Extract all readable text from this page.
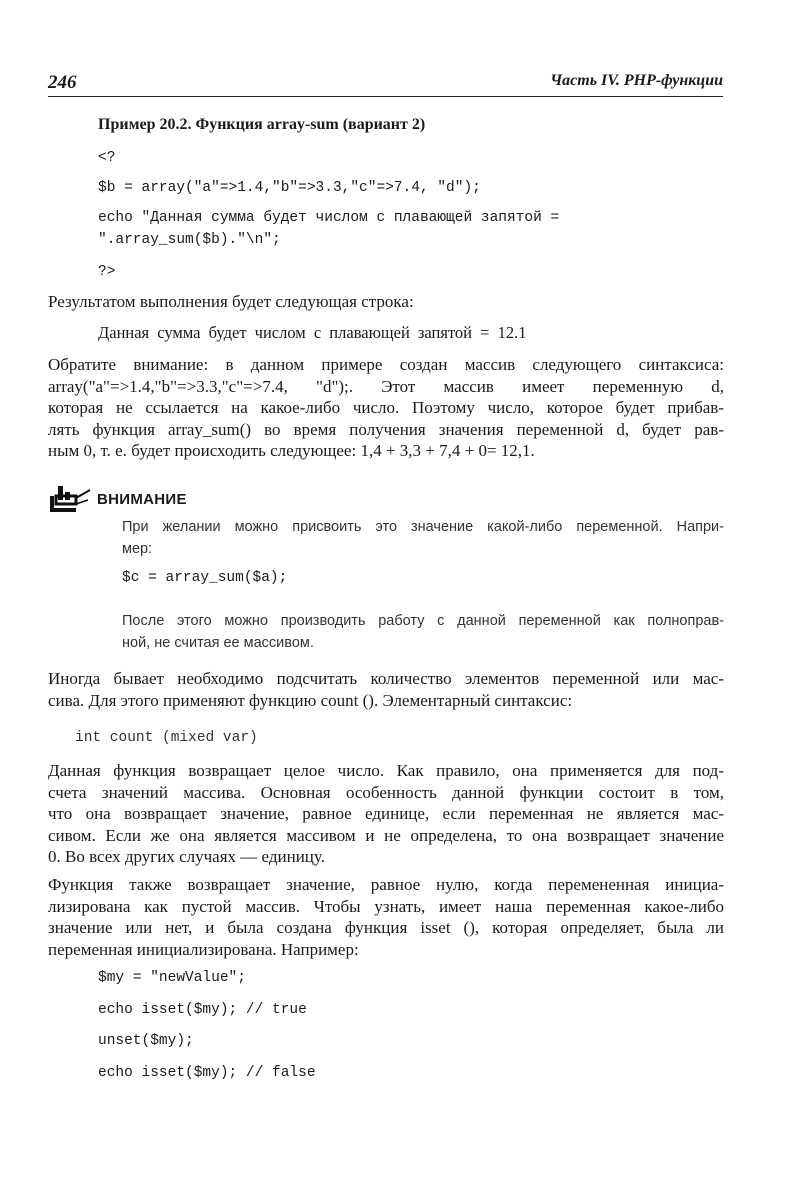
246	Часть IV. PHP-функции
Пример 20.2. Функция array-sum (вариант 2)
<?
$b = array("a"=>1.4,"b"=>3.3,"c"=>7.4, "d");
echo "Данная сумма будет числом с плавающей запятой =
".array_sum($b)."\n";
?>
Результатом выполнения будет следующая строка:
Данная сумма будет числом с плавающей запятой = 12.1
Обратите внимание: в данном примере создан массив следующего синтаксиса:
array("a"=>1.4,"b"=>3.3,"c"=>7.4, "d");. Этот массив имеет переменную d,
которая не ссылается на какое-либо число. Поэтому число, которое будет прибав-
лять функция array_sum() во время получения значения переменной d, будет рав-
ным 0, т. е. будет происходить следующее: 1,4 + 3,3 + 7,4 + 0= 12,1.
ВНИМАНИЕ
При желании можно присвоить это значение какой-либо переменной. Напри-
мер:
$c = array_sum($a);
После этого можно производить работу с данной переменной как полноправ-
ной, не считая ее массивом.
Иногда бывает необходимо подсчитать количество элементов переменной или мас-
сива. Для этого применяют функцию count (). Элементарный синтаксис:
int count (mixed var)
Данная функция возвращает целое число. Как правило, она применяется для под-
счета значений массива. Основная особенность данной функции состоит в том,
что она возвращает значение, равное единице, если переменная не является мас-
сивом. Если же она является массивом и не определена, то она возвращает значение
0. Во всех других случаях — единицу.
Функция также возвращает значение, равное нулю, когда перемененная инициа-
лизирована как пустой массив. Чтобы узнать, имеет наша переменная какое-либо
значение или нет, и была создана функция isset (), которая определяет, была ли
переменная инициализирована. Например:
$my = "newValue";
echo isset($my); // true
unset($my);
echo isset($my); // false
